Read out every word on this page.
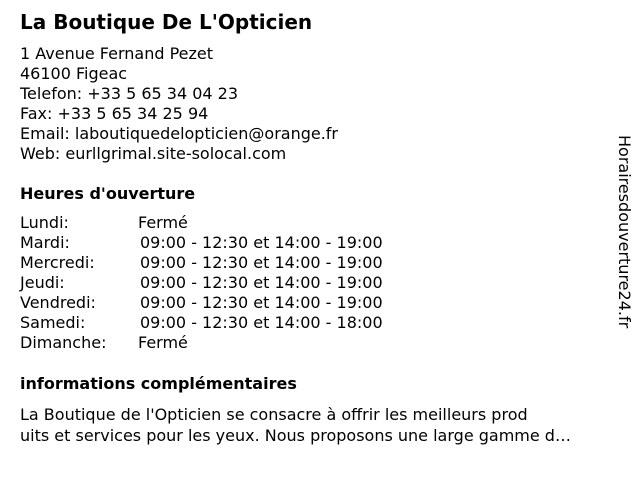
La Boutique De L'Opticien
1 Avenue Fernand Pezet
46100 Figeac
Telefon: +33 5 65 34 04 23
Fax: +33 5 65 34 25 94
Email: laboutiquedelopticien@orange.fr
Web: eurllgrimal.site-solocal.com
Heures d'ouverture
Lundi:	Fermé
Mardi:	09:00 - 12:30 et 14:00 - 19:00
Mercredi:	09:00 - 12:30 et 14:00 - 19:00
Jeudi:	09:00 - 12:30 et 14:00 - 19:00
Vendredi:	09:00 - 12:30 et 14:00 - 19:00
Samedi:	09:00 - 12:30 et 14:00 - 18:00
Dimanche: Fermé
informations complémentaires
La Boutique de l'Opticien se consacre à offrir les meilleurs prod
uits et services pour les yeux. Nous proposons une large gamme d…
Horairesdouverture24.fr
